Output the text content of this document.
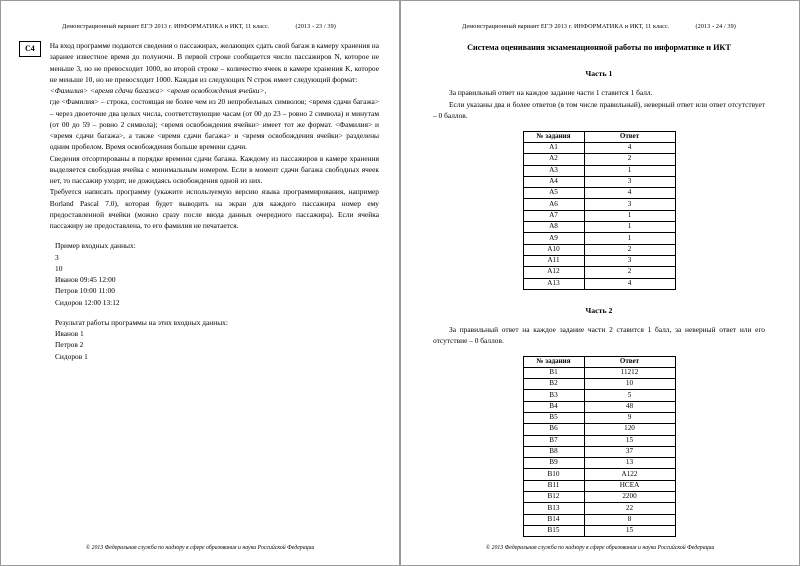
Демонстрационный вариант ЕГЭ 2013 г. ИНФОРМАТИКА и ИКТ, 11 класс.	(2013 - 23 / 39)
C4	На вход программе подаются сведения о пассажирах, желающих сдать свой багаж в камеру хранения на заранее известное время до полуночи. В первой строке сообщается число пассажиров N, которое не меньше 3, но не превосходит 1000, во второй строке – количество ячеек в камере хранения K, которое не меньше 10, но не превосходит 1000. Каждая из следующих N строк имеет следующий формат:

<Фамилия> <время сдачи багажа> <время освобождения ячейки>,

где <Фамилия> – строка, состоящая не более чем из 20 непробельных символов; <время сдачи багажа> – через двоеточие два целых числа, соответствующие часам (от 00 до 23 – ровно 2 символа) и минутам (от 00 до 59 – ровно 2 символа); <время освобождения ячейки> имеет тот же формат. <Фамилия> и <время сдачи багажа>, а также <время сдачи багажа> и <время освобождения ячейки> разделены одним пробелом. Время освобождения больше времени сдачи.

Сведения отсортированы в порядке времени сдачи багажа. Каждому из пассажиров в камере хранения выделяется свободная ячейка с минимальным номером. Если в момент сдачи багажа свободных ячеек нет, то пассажир уходит, не дожидаясь освобождения одной из них.

Требуется написать программу (укажите используемую версию языка программирования, например Borland Pascal 7.0), которая будет выводить на экран для каждого пассажира номер ему предоставленной ячейки (можно сразу после ввода данных очередного пассажира). Если ячейка пассажиру не предоставлена, то его фамилия не печатается.

Пример входных данных:

3

10

Иванов 09:45 12:00

Петров 10:00 11:00

Сидоров 12:00 13:12

Результат работы программы на этих входных данных:

Иванов 1

Петров 2

Сидоров 1

© 2013 Федеральная служба по надзору в сфере образования и науки Российской Федерации
Демонстрационный вариант ЕГЭ 2013 г. ИНФОРМАТИКА и ИКТ, 11 класс.	(2013 - 24 / 39)
Система оценивания экзаменационной работы по информатике и ИКТ
Часть 1

За правильный ответ на каждое задание части 1 ставится 1 балл.

Если указаны два и более ответов (в том числе правильный), неверный ответ или ответ отсутствует – 0 баллов.

№ задания	Ответ
A1	4
A2	2
A3	1
A4	3
A5	4
A6	3
A7	1
A8	1
A9	1
A10	2
A11	3
A12	2
A13	4
Часть 2

За правильный ответ на каждое задание части 2 ставится 1 балл, за неверный ответ или его отсутствие – 0 баллов.

№ задания	Ответ
B1	11212
B2	10
B3	5
B4	48
B5	9
B6	120
B7	15
B8	37
B9	13
B10	A122
B11	НСЕА
B12	2200
B13	22
B14	8
B15	15
© 2013 Федеральная служба по надзору в сфере образования и науки Российской Федерации
